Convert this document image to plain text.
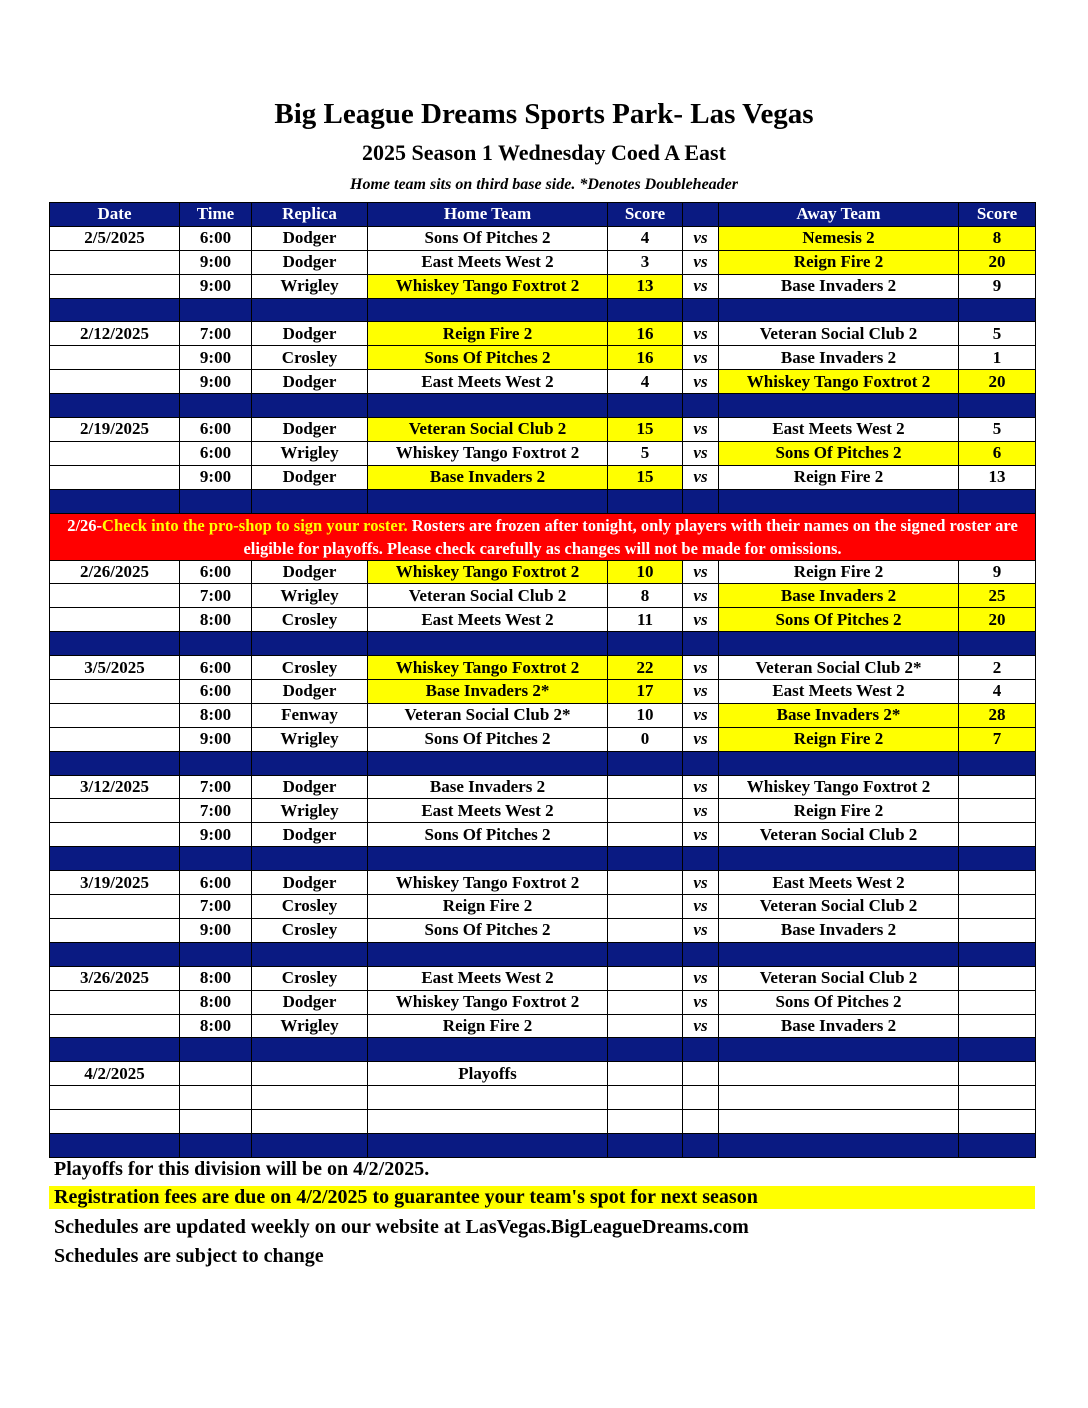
Big League Dreams Sports Park- Las Vegas
2025 Season 1 Wednesday Coed A East
Home team sits on third base side. *Denotes Doubleheader
Date	Time	Replica	Home Team	Score		Away Team	Score
2/5/2025	6:00	Dodger	Sons Of Pitches 2	4	vs	Nemesis 2	8
	9:00	Dodger	East Meets West 2	3	vs	Reign Fire 2	20
	9:00	Wrigley	Whiskey Tango Foxtrot 2	13	vs	Base Invaders 2	9

2/12/2025	7:00	Dodger	Reign Fire 2	16	vs	Veteran Social Club 2	5
	9:00	Crosley	Sons Of Pitches 2	16	vs	Base Invaders 2	1
	9:00	Dodger	East Meets West 2	4	vs	Whiskey Tango Foxtrot 2	20

2/19/2025	6:00	Dodger	Veteran Social Club 2	15	vs	East Meets West 2	5
	6:00	Wrigley	Whiskey Tango Foxtrot 2	5	vs	Sons Of Pitches 2	6
	9:00	Dodger	Base Invaders 2	15	vs	Reign Fire 2	13

2/26-Check into the pro-shop to sign your roster. Rosters are frozen after tonight, only players with their names on the signed roster are eligible for playoffs. Please check carefully as changes will not be made for omissions.							
2/26/2025	6:00	Dodger	Whiskey Tango Foxtrot 2	10	vs	Reign Fire 2	9
	7:00	Wrigley	Veteran Social Club 2	8	vs	Base Invaders 2	25
	8:00	Crosley	East Meets West 2	11	vs	Sons Of Pitches 2	20

3/5/2025	6:00	Crosley	Whiskey Tango Foxtrot 2	22	vs	Veteran Social Club 2*	2
	6:00	Dodger	Base Invaders 2*	17	vs	East Meets West 2	4
	8:00	Fenway	Veteran Social Club 2*	10	vs	Base Invaders 2*	28
	9:00	Wrigley	Sons Of Pitches 2	0	vs	Reign Fire 2	7

3/12/2025	7:00	Dodger	Base Invaders 2		vs	Whiskey Tango Foxtrot 2	
	7:00	Wrigley	East Meets West 2		vs	Reign Fire 2	
	9:00	Dodger	Sons Of Pitches 2		vs	Veteran Social Club 2	

3/19/2025	6:00	Dodger	Whiskey Tango Foxtrot 2		vs	East Meets West 2	
	7:00	Crosley	Reign Fire 2		vs	Veteran Social Club 2	
	9:00	Crosley	Sons Of Pitches 2		vs	Base Invaders 2	

3/26/2025	8:00	Crosley	East Meets West 2		vs	Veteran Social Club 2	
	8:00	Dodger	Whiskey Tango Foxtrot 2		vs	Sons Of Pitches 2	
	8:00	Wrigley	Reign Fire 2		vs	Base Invaders 2	

4/2/2025			Playoffs				

Playoffs for this division will be on 4/2/2025.
Registration fees are due on 4/2/2025 to guarantee your team's spot for next season
Schedules are updated weekly on our website at LasVegas.BigLeagueDreams.com
Schedules are subject to change
